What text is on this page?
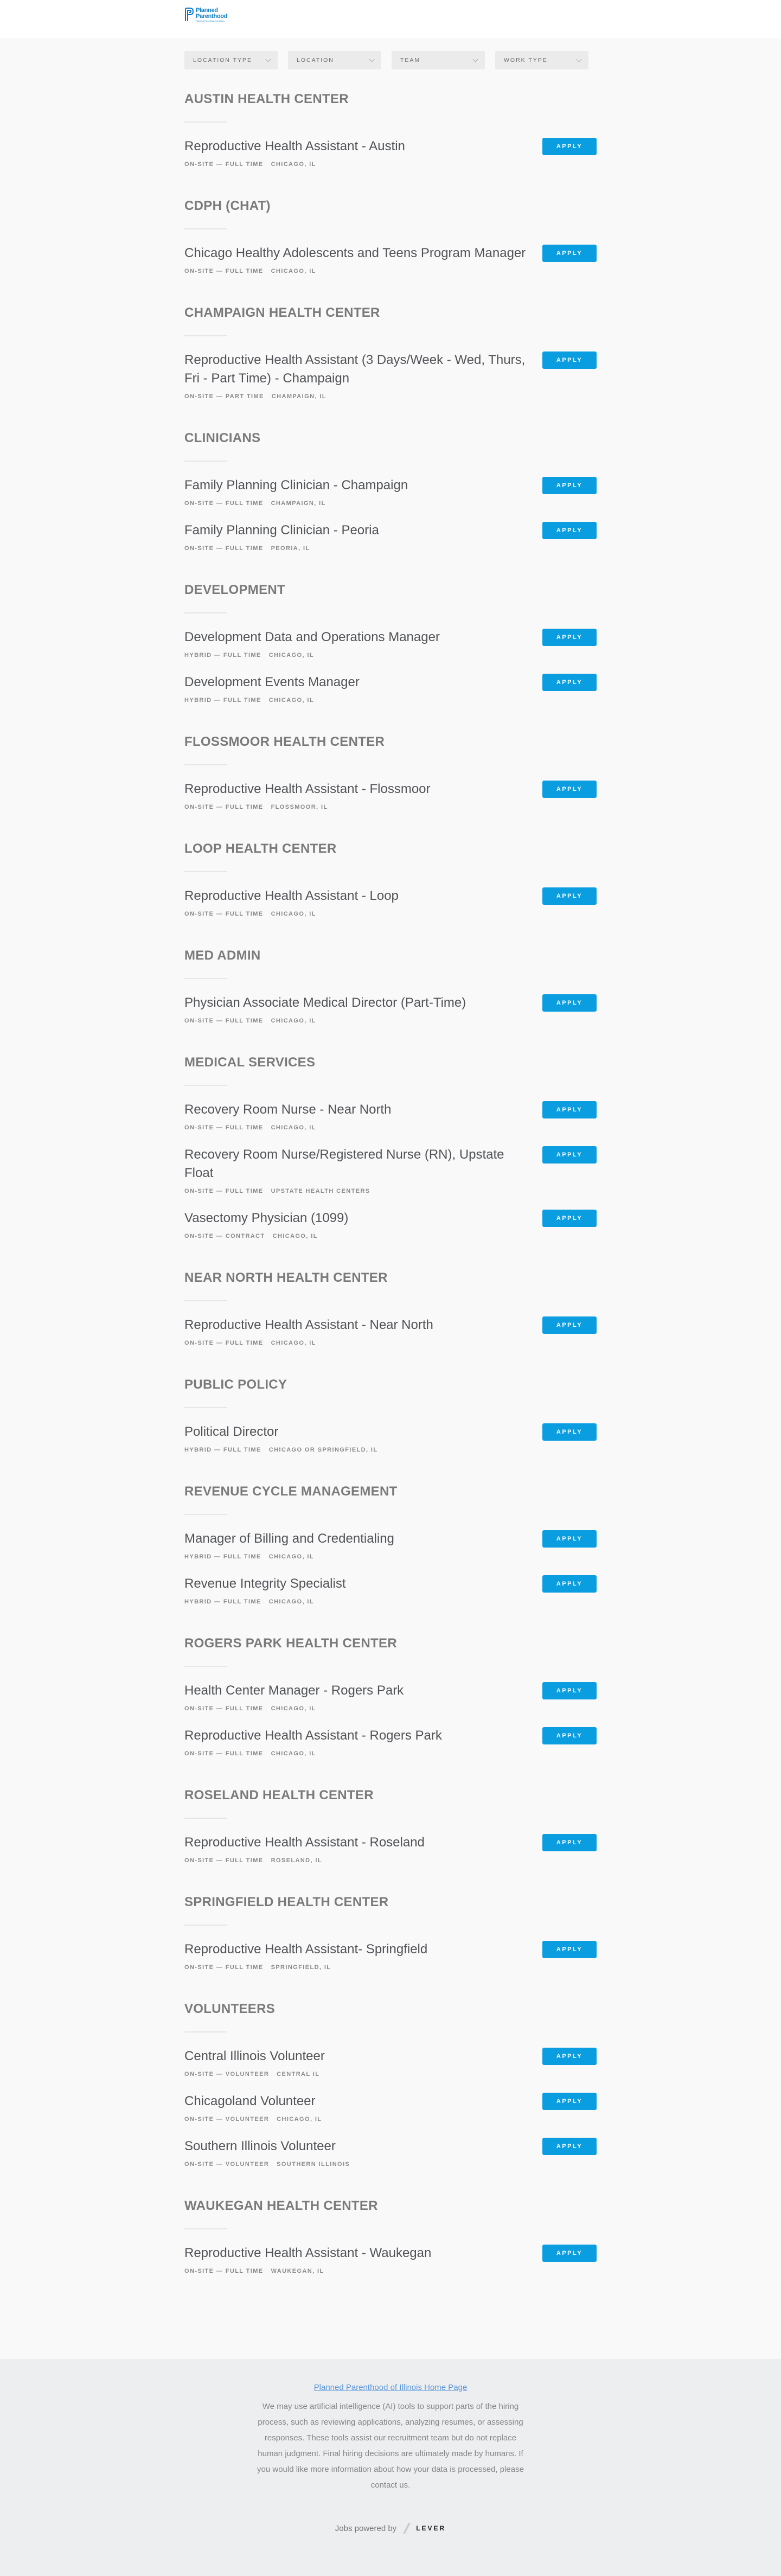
Planned
Parenthood
Planned Parenthood of Illinois
LOCATION TYPE	LOCATION	TEAM	WORK TYPE
AUSTIN HEALTH CENTER
Reproductive Health Assistant - Austin
ON-SITE — FULL TIME CHICAGO, IL
APPLY
CDPH (CHAT)
Chicago Healthy Adolescents and Teens Program Manager
ON-SITE — FULL TIME CHICAGO, IL
APPLY
CHAMPAIGN HEALTH CENTER
Reproductive Health Assistant (3 Days/Week - Wed, Thurs, Fri - Part Time) - Champaign
ON-SITE — PART TIME CHAMPAIGN, IL
APPLY
CLINICIANS
Family Planning Clinician - Champaign
ON-SITE — FULL TIME CHAMPAIGN, IL
APPLY
Family Planning Clinician - Peoria
ON-SITE — FULL TIME PEORIA, IL
APPLY
DEVELOPMENT
Development Data and Operations Manager
HYBRID — FULL TIME CHICAGO, IL
APPLY
Development Events Manager
HYBRID — FULL TIME CHICAGO, IL
APPLY
FLOSSMOOR HEALTH CENTER
Reproductive Health Assistant - Flossmoor
ON-SITE — FULL TIME FLOSSMOOR, IL
APPLY
LOOP HEALTH CENTER
Reproductive Health Assistant - Loop
ON-SITE — FULL TIME CHICAGO, IL
APPLY
MED ADMIN
Physician Associate Medical Director (Part-Time)
ON-SITE — FULL TIME CHICAGO, IL
APPLY
MEDICAL SERVICES
Recovery Room Nurse - Near North
ON-SITE — FULL TIME CHICAGO, IL
APPLY
Recovery Room Nurse/Registered Nurse (RN), Upstate Float
ON-SITE — FULL TIME UPSTATE HEALTH CENTERS
APPLY
Vasectomy Physician (1099)
ON-SITE — CONTRACT CHICAGO, IL
APPLY
NEAR NORTH HEALTH CENTER
Reproductive Health Assistant - Near North
ON-SITE — FULL TIME CHICAGO, IL
APPLY
PUBLIC POLICY
Political Director
HYBRID — FULL TIME CHICAGO OR SPRINGFIELD, IL
APPLY
REVENUE CYCLE MANAGEMENT
Manager of Billing and Credentialing
HYBRID — FULL TIME CHICAGO, IL
APPLY
Revenue Integrity Specialist
HYBRID — FULL TIME CHICAGO, IL
APPLY
ROGERS PARK HEALTH CENTER
Health Center Manager - Rogers Park
ON-SITE — FULL TIME CHICAGO, IL
APPLY
Reproductive Health Assistant - Rogers Park
ON-SITE — FULL TIME CHICAGO, IL
APPLY
ROSELAND HEALTH CENTER
Reproductive Health Assistant - Roseland
ON-SITE — FULL TIME ROSELAND, IL
APPLY
SPRINGFIELD HEALTH CENTER
Reproductive Health Assistant- Springfield
ON-SITE — FULL TIME SPRINGFIELD, IL
APPLY
VOLUNTEERS
Central Illinois Volunteer
ON-SITE — VOLUNTEER CENTRAL IL
APPLY
Chicagoland Volunteer
ON-SITE — VOLUNTEER CHICAGO, IL
APPLY
Southern Illinois Volunteer
ON-SITE — VOLUNTEER SOUTHERN ILLINOIS
APPLY
WAUKEGAN HEALTH CENTER
Reproductive Health Assistant - Waukegan
ON-SITE — FULL TIME WAUKEGAN, IL
APPLY
Planned Parenthood of Illinois Home Page

We may use artificial intelligence (AI) tools to support parts of the hiring process, such as reviewing applications, analyzing resumes, or assessing responses. These tools assist our recruitment team but do not replace human judgment. Final hiring decisions are ultimately made by humans. If you would like more information about how your data is processed, please contact us.

Jobs powered by	LEVER
